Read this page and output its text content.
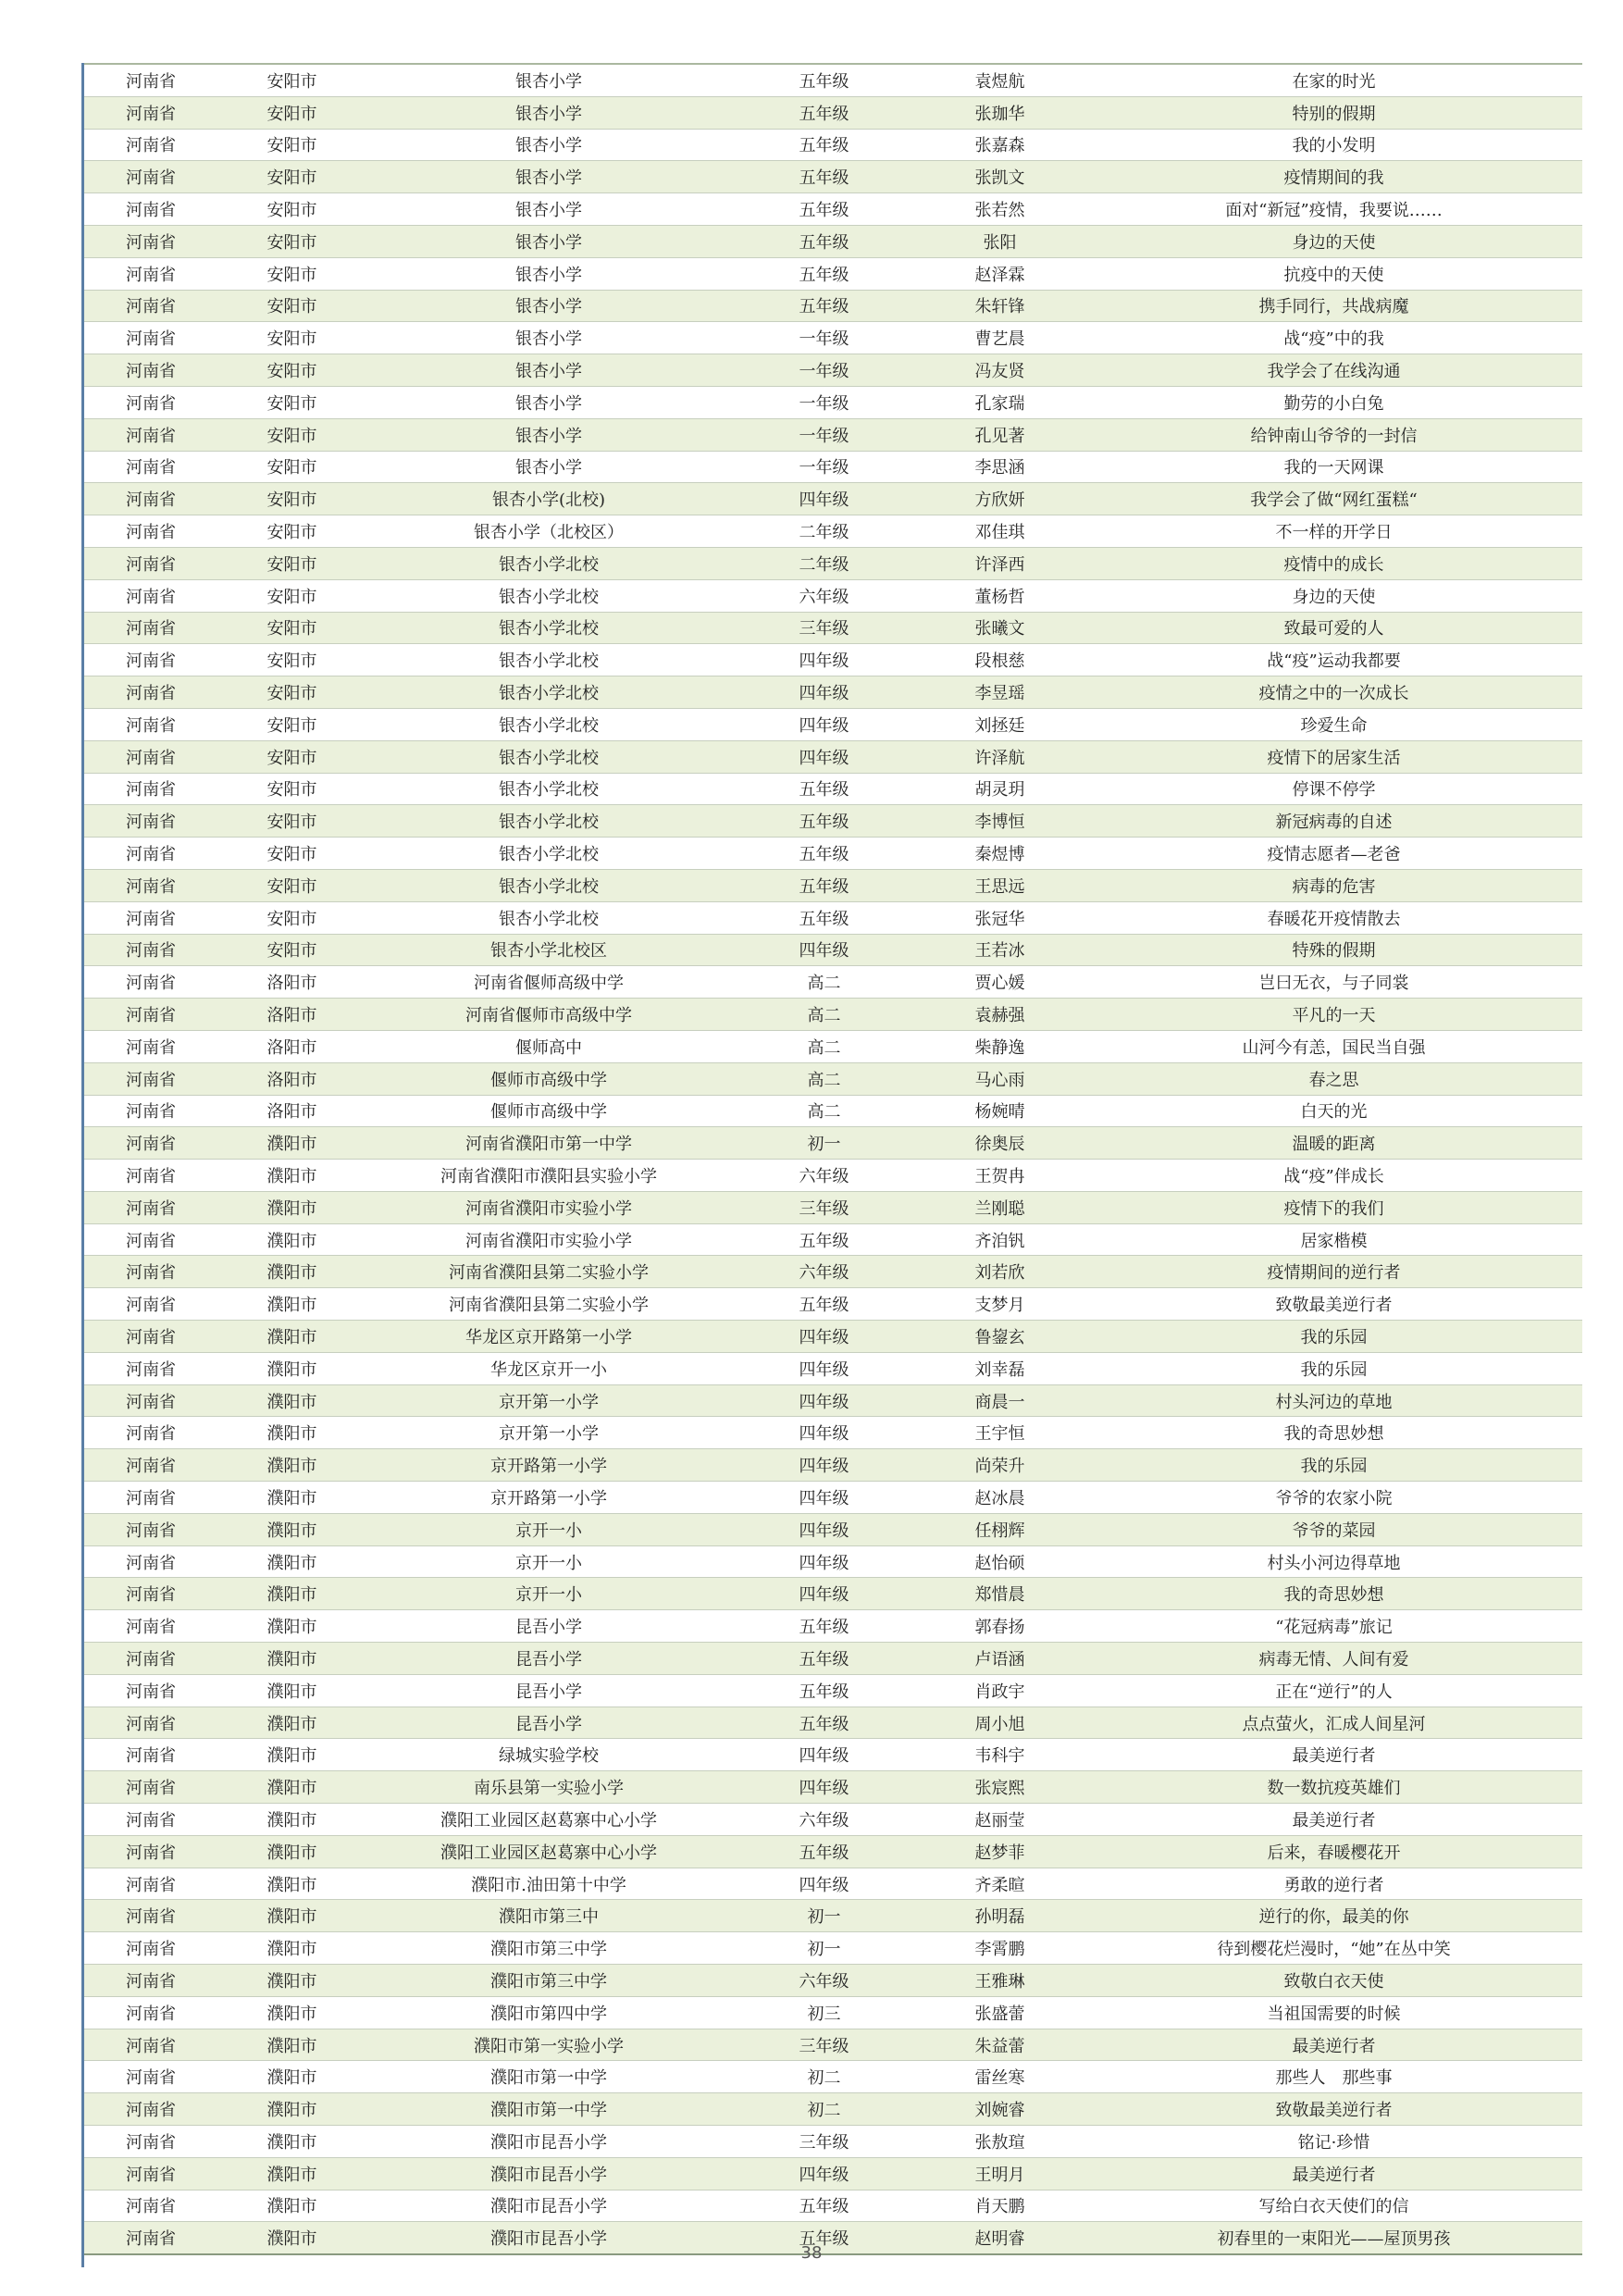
河南省	安阳市	银杏小学	五年级	袁煜航	在家的时光
河南省	安阳市	银杏小学	五年级	张珈华	特别的假期
河南省	安阳市	银杏小学	五年级	张嘉森	我的小发明
河南省	安阳市	银杏小学	五年级	张凯文	疫情期间的我
河南省	安阳市	银杏小学	五年级	张若然	面对“新冠”疫情，我要说……
河南省	安阳市	银杏小学	五年级	张阳	身边的天使
河南省	安阳市	银杏小学	五年级	赵泽霖	抗疫中的天使
河南省	安阳市	银杏小学	五年级	朱轩锋	携手同行，共战病魔
河南省	安阳市	银杏小学	一年级	曹艺晨	战“疫”中的我
河南省	安阳市	银杏小学	一年级	冯友贤	我学会了在线沟通
河南省	安阳市	银杏小学	一年级	孔家瑞	勤劳的小白兔
河南省	安阳市	银杏小学	一年级	孔见著	给钟南山爷爷的一封信
河南省	安阳市	银杏小学	一年级	李思涵	我的一天网课
河南省	安阳市	银杏小学(北校)	四年级	方欣妍	我学会了做“网红蛋糕“
河南省	安阳市	银杏小学（北校区）	二年级	邓佳琪	不一样的开学日
河南省	安阳市	银杏小学北校	二年级	许泽西	疫情中的成长
河南省	安阳市	银杏小学北校	六年级	董杨哲	身边的天使
河南省	安阳市	银杏小学北校	三年级	张曦文	致最可爱的人
河南省	安阳市	银杏小学北校	四年级	段根慈	战“疫”运动我都要
河南省	安阳市	银杏小学北校	四年级	李昱瑶	疫情之中的一次成长
河南省	安阳市	银杏小学北校	四年级	刘拯廷	珍爱生命
河南省	安阳市	银杏小学北校	四年级	许泽航	疫情下的居家生活
河南省	安阳市	银杏小学北校	五年级	胡灵玥	停课不停学
河南省	安阳市	银杏小学北校	五年级	李博恒	新冠病毒的自述
河南省	安阳市	银杏小学北校	五年级	秦煜博	疫情志愿者—老爸
河南省	安阳市	银杏小学北校	五年级	王思远	病毒的危害
河南省	安阳市	银杏小学北校	五年级	张冠华	春暖花开疫情散去
河南省	安阳市	银杏小学北校区	四年级	王若冰	特殊的假期
河南省	洛阳市	河南省偃师高级中学	高二	贾心媛	岂曰无衣，与子同裳
河南省	洛阳市	河南省偃师市高级中学	高二	袁赫强	平凡的一天
河南省	洛阳市	偃师高中	高二	柴静逸	山河今有恙，国民当自强
河南省	洛阳市	偃师市高级中学	高二	马心雨	春之思
河南省	洛阳市	偃师市高级中学	高二	杨婉晴	白天的光
河南省	濮阳市	河南省濮阳市第一中学	初一	徐奥辰	温暖的距离
河南省	濮阳市	河南省濮阳市濮阳县实验小学	六年级	王贺冉	战“疫”伴成长
河南省	濮阳市	河南省濮阳市实验小学	三年级	兰刚聪	疫情下的我们
河南省	濮阳市	河南省濮阳市实验小学	五年级	齐洎钒	居家楷模
河南省	濮阳市	河南省濮阳县第二实验小学	六年级	刘若欣	疫情期间的逆行者
河南省	濮阳市	河南省濮阳县第二实验小学	五年级	支梦月	致敬最美逆行者
河南省	濮阳市	华龙区京开路第一小学	四年级	鲁鋆玄	我的乐园
河南省	濮阳市	华龙区京开一小	四年级	刘幸磊	我的乐园
河南省	濮阳市	京开第一小学	四年级	商晨一	村头河边的草地
河南省	濮阳市	京开第一小学	四年级	王宇恒	我的奇思妙想
河南省	濮阳市	京开路第一小学	四年级	尚荣升	我的乐园
河南省	濮阳市	京开路第一小学	四年级	赵冰晨	爷爷的农家小院
河南省	濮阳市	京开一小	四年级	任栩辉	爷爷的菜园
河南省	濮阳市	京开一小	四年级	赵怡硕	村头小河边得草地
河南省	濮阳市	京开一小	四年级	郑惜晨	我的奇思妙想
河南省	濮阳市	昆吾小学	五年级	郭春扬	“花冠病毒”旅记
河南省	濮阳市	昆吾小学	五年级	卢语涵	病毒无情、人间有爱
河南省	濮阳市	昆吾小学	五年级	肖政宇	正在“逆行”的人
河南省	濮阳市	昆吾小学	五年级	周小旭	点点萤火，汇成人间星河
河南省	濮阳市	绿城实验学校	四年级	韦科宇	最美逆行者
河南省	濮阳市	南乐县第一实验小学	四年级	张宸熙	数一数抗疫英雄们
河南省	濮阳市	濮阳工业园区赵葛寨中心小学	六年级	赵丽莹	最美逆行者
河南省	濮阳市	濮阳工业园区赵葛寨中心小学	五年级	赵梦菲	后来，春暖樱花开
河南省	濮阳市	濮阳市.油田第十中学	四年级	齐柔暄	勇敢的逆行者
河南省	濮阳市	濮阳市第三中	初一	孙明磊	逆行的你，最美的你
河南省	濮阳市	濮阳市第三中学	初一	李霄鹏	待到樱花烂漫时，“她”在丛中笑
河南省	濮阳市	濮阳市第三中学	六年级	王雅琳	致敬白衣天使
河南省	濮阳市	濮阳市第四中学	初三	张盛蕾	当祖国需要的时候
河南省	濮阳市	濮阳市第一实验小学	三年级	朱益蕾	最美逆行者
河南省	濮阳市	濮阳市第一中学	初二	雷丝寒	那些人　那些事
河南省	濮阳市	濮阳市第一中学	初二	刘婉睿	致敬最美逆行者
河南省	濮阳市	濮阳市昆吾小学	三年级	张敖瑄	铭记·珍惜
河南省	濮阳市	濮阳市昆吾小学	四年级	王明月	最美逆行者
河南省	濮阳市	濮阳市昆吾小学	五年级	肖天鹏	写给白衣天使们的信
河南省	濮阳市	濮阳市昆吾小学	五年级	赵明睿	初春里的一束阳光——屋顶男孩
38
